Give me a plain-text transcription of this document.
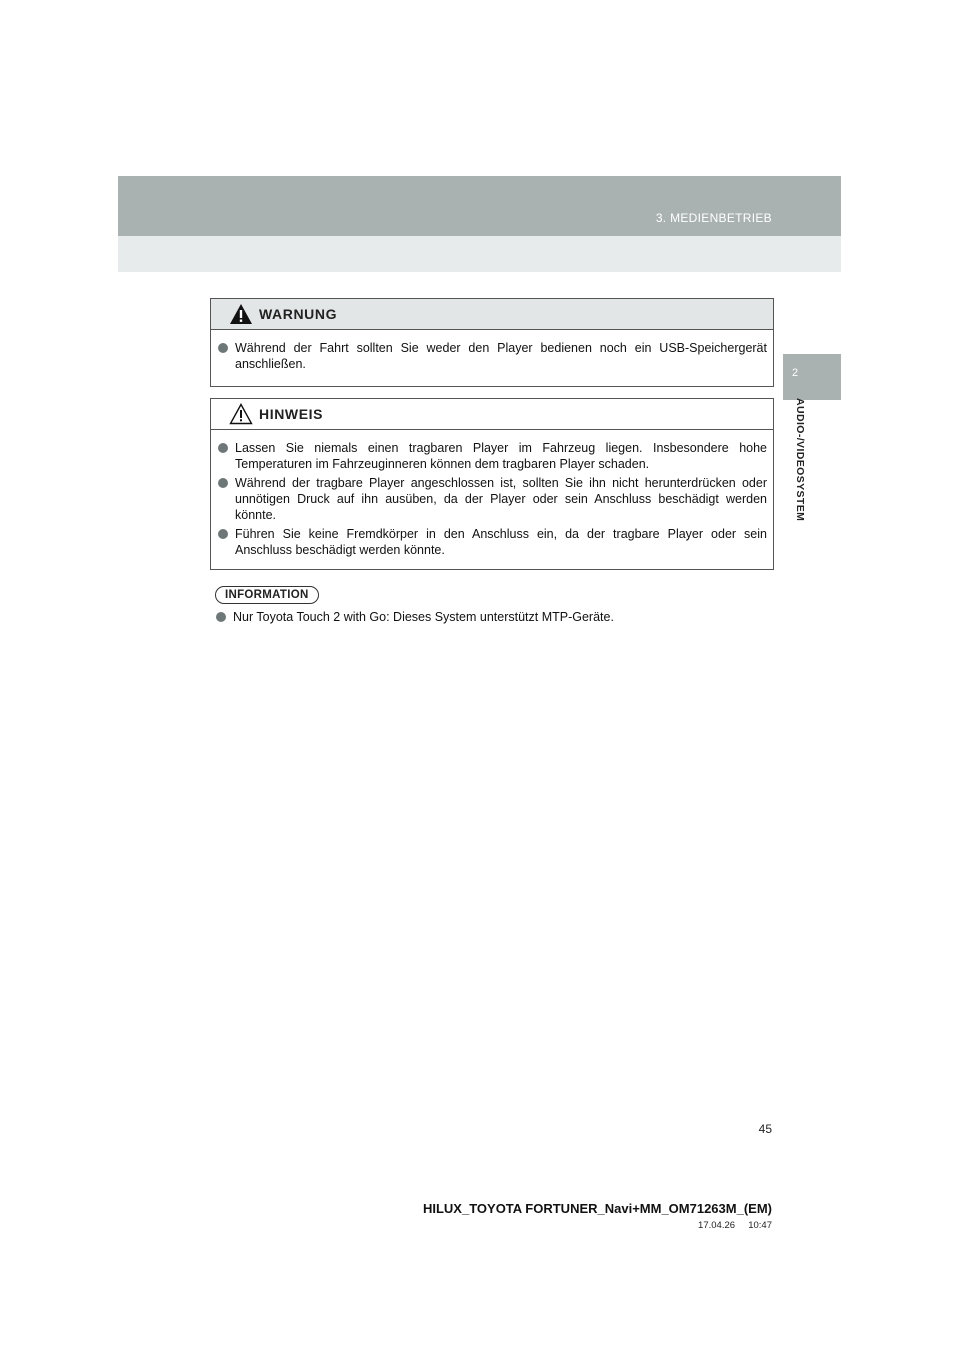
3. MEDIENBETRIEB
2
AUDIO-/VIDEOSYSTEM
WARNUNG
Während der Fahrt sollten Sie weder den Player bedienen noch ein USB-Speichergerät anschließen.
HINWEIS
Lassen Sie niemals einen tragbaren Player im Fahrzeug liegen. Insbesondere hohe Temperaturen im Fahrzeuginneren können dem tragbaren Player schaden.
Während der tragbare Player angeschlossen ist, sollten Sie ihn nicht herunterdrücken oder unnötigen Druck auf ihn ausüben, da der Player oder sein Anschluss beschädigt werden könnte.
Führen Sie keine Fremdkörper in den Anschluss ein, da der tragbare Player oder sein Anschluss beschädigt werden könnte.
INFORMATION
Nur Toyota Touch 2 with Go: Dieses System unterstützt MTP-Geräte.
45
HILUX_TOYOTA FORTUNER_Navi+MM_OM71263M_(EM)
17.04.26     10:47
